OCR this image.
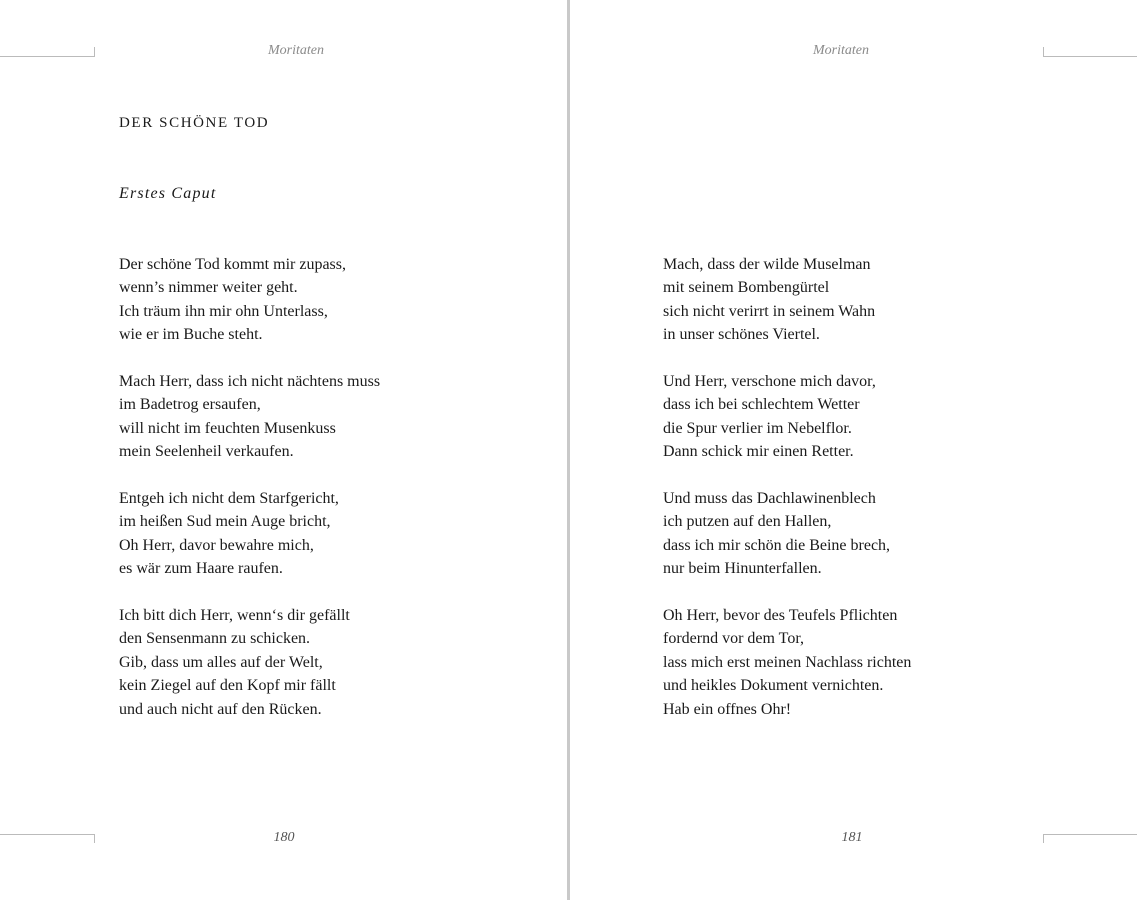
Moritaten
DER SCHÖNE TOD
Erstes Caput
Der schöne Tod kommt mir zupass,
wenn’s nimmer weiter geht.
Ich träum ihn mir ohn Unterlass,
wie er im Buche steht.
Mach Herr, dass ich nicht nächtens muss
im Badetrog ersaufen,
will nicht im feuchten Musenkuss
mein Seelenheil verkaufen.
Entgeh ich nicht dem Starfgericht,
im heißen Sud mein Auge bricht,
Oh Herr, davor bewahre mich,
es wär zum Haare raufen.
Ich bitt dich Herr, wenn‘s dir gefällt
den Sensenmann zu schicken.
Gib, dass um alles auf der Welt,
kein Ziegel auf den Kopf mir fällt
und auch nicht auf den Rücken.
180
Moritaten
Mach, dass der wilde Muselman
mit seinem Bombengürtel
sich nicht verirrt in seinem Wahn
in unser schönes Viertel.
Und Herr, verschone mich davor,
dass ich bei schlechtem Wetter
die Spur verlier im Nebelflor.
Dann schick mir einen Retter.
Und muss das Dachlawinenblech
ich putzen auf den Hallen,
dass ich mir schön die Beine brech,
nur beim Hinunterfallen.
Oh Herr, bevor des Teufels Pflichten
fordernd vor dem Tor,
lass mich erst meinen Nachlass richten
und heikles Dokument vernichten.
Hab ein offnes Ohr!
181
